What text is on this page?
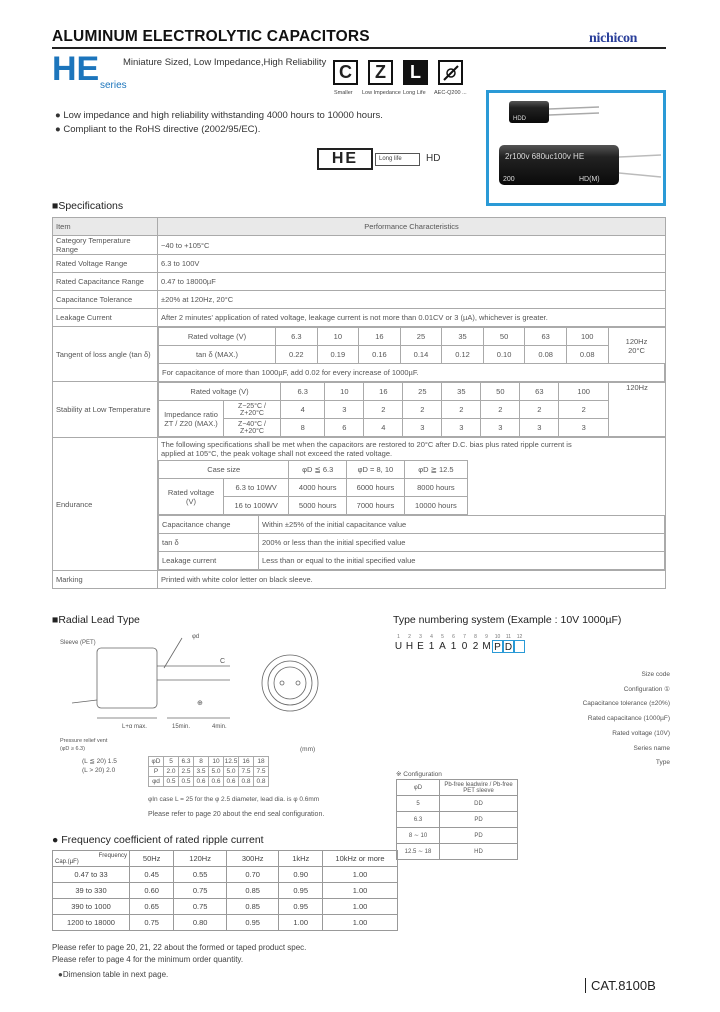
ALUMINUM ELECTROLYTIC CAPACITORS	nichicon
HE series
Miniature Sized, Low Impedance,High Reliability C Z L
Smaller Low Impedance Long Life AEC-Q200 ...
● Low impedance and high reliability withstanding 4000 hours to 10000 hours.
● Compliant to the RoHS directive (2002/95/EC).
HDD
2r100v 680uc100v HE
200	HD(M)
HE	Long life	HD
■Specifications
Item	Performance Characteristics
Category Temperature Range	−40 to +105°C
Rated Voltage Range	6.3 to 100V
Rated Capacitance Range	0.47 to 18000µF
Capacitance Tolerance	±20% at 120Hz, 20°C
Leakage Current	After 2 minutes' application of rated voltage, leakage current is not more than 0.01CV or 3 (µA), whichever is greater.
Tangent of loss angle (tan δ)	
Rated voltage (V)	6.3	10	16	25	35	50	63	100	120Hz
20°C
tan δ (MAX.)	0.22	0.19	0.16	0.14	0.12	0.10	0.08	0.08
For capacitance of more than 1000µF, add 0.02 for every increase of 1000µF.

Stability at Low Temperature	
Rated voltage (V)	6.3	10	16	25	35	50	63	100	120Hz
Impedance ratio
ZT / Z20 (MAX.)	Z−25°C / Z+20°C	4	3	2	2	2	2	2	2
Z−40°C / Z+20°C	8	6	4	3	3	3	3	3

Endurance	
The following specifications shall be met when the capacitors are restored to 20°C after D.C. bias plus rated ripple current is
applied at 105°C, the peak voltage shall not exceed the rated voltage.
Case size	φD ≦ 6.3	φD = 8, 10	φD ≧ 12.5
Rated voltage
(V)	6.3 to 10WV	4000 hours	6000 hours	8000 hours
16 to 100WV	5000 hours	7000 hours	10000 hours
Capacitance change	Within ±25% of the initial capacitance value
tan δ	200% or less than the initial specified value
Leakage current	Less than or equal to the initial specified value

Marking	Printed with white color letter on black sleeve.
■Radial Lead Type
Sleeve (PET)
φd
C
⊕
L+α max.	15min.	4min.
Pressure relief vent
(φD ≥ 6.3)	(mm)
(L ≦ 20) 1.5
(L > 20) 2.0
φD	5	6.3	8	10	12.5	16	18
P	2.0	2.5	3.5	5.0	5.0	7.5	7.5
φd	0.5	0.5	0.6	0.6	0.6	0.8	0.8
φIn case L = 25 for the φ 2.5 diameter, lead dia. is φ 0.6mm
Please refer to page 20 about the end seal configuration.
Type numbering system (Example : 10V 1000µF)
1
U
2
H
3
E
4
1
5
A
6
1
7
0
8
2
9
M
10
P
11
D
12
Size code
Configuration ①
Capacitance tolerance (±20%)
Rated capacitance (1000µF)
Rated voltage (10V)
Series name
Type
※ Configuration
φD	Pb-free leadwire / Pb-free PET sleeve
5	DD
6.3	PD
8 ∼ 10	PD
12.5 ∼ 18	HD
● Frequency coefficient of rated ripple current
Frequency
Cap.(µF)	50Hz	120Hz	300Hz	1kHz	10kHz or more
0.47 to 33	0.45	0.55	0.70	0.90	1.00
39 to 330	0.60	0.75	0.85	0.95	1.00
390 to 1000	0.65	0.75	0.85	0.95	1.00
1200 to 18000	0.75	0.80	0.95	1.00	1.00
Please refer to page 20, 21, 22 about the formed or taped product spec.
Please refer to page 4 for the minimum order quantity.
●Dimension table in next page.
CAT.8100B
